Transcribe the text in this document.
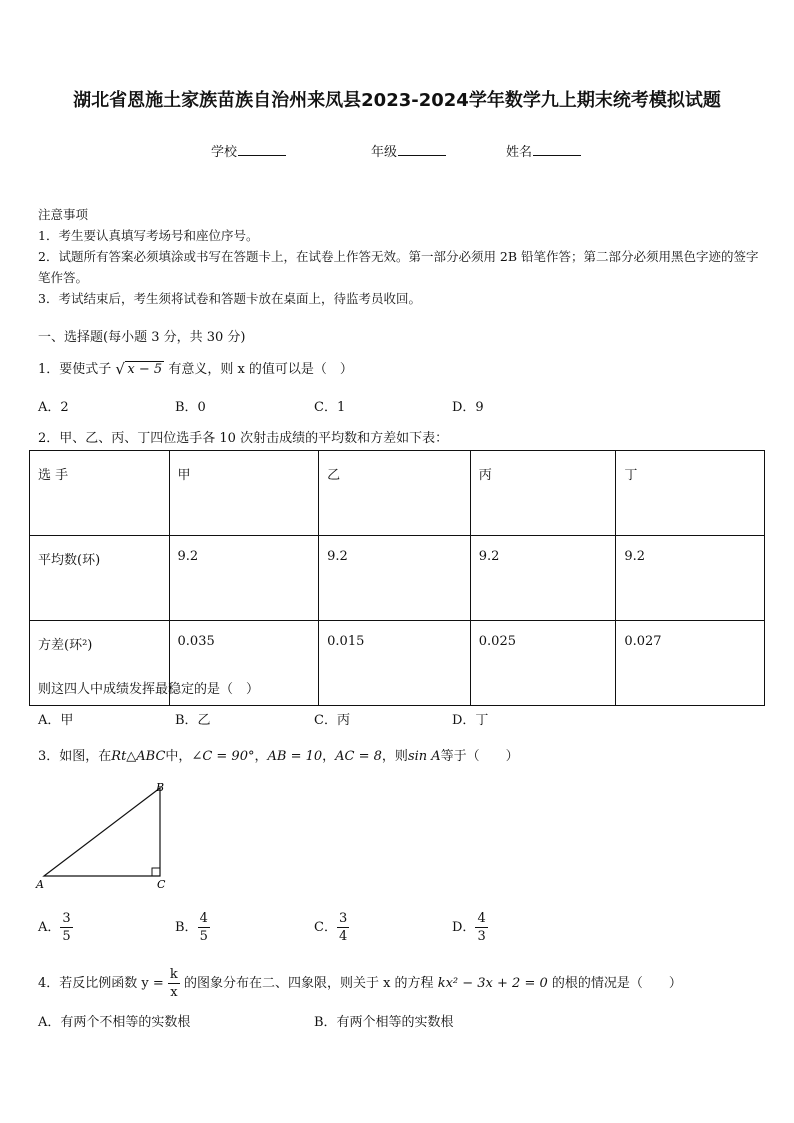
湖北省恩施土家族苗族自治州来凤县2023-2024学年数学九上期末统考模拟试题
学校	年级	姓名
注意事项
1．考生要认真填写考场号和座位序号。
2．试题所有答案必须填涂或书写在答题卡上，在试卷上作答无效。第一部分必须用 2B 铅笔作答；第二部分必须用黑色字迹的签字笔作答。
3．考试结束后，考生须将试卷和答题卡放在桌面上，待监考员收回。
一、选择题(每小题 3 分，共 30 分)
1．要使式子 √ x − 5 有意义，则 x 的值可以是（　）
A．2	B．0	C．1	D．9
2．甲、乙、丙、丁四位选手各 10 次射击成绩的平均数和方差如下表：
选 手	甲	乙	丙	丁
平均数(环)	9.2	9.2	9.2	9.2
方差(环²)	0.035	0.015	0.025	0.027
则这四人中成绩发挥最稳定的是（　）
A．甲	B．乙	C．丙	D．丁
3．如图，在Rt△ABC中，∠C = 90°，AB = 10，AC = 8，则sin A等于（　　）
A
B
C
A． $\frac{3}{5}$	B． $\frac{4}{5}$	C． $\frac{3}{4}$	D． $\frac{4}{3}$
4．若反比例函数 $y = \frac{k}{x}$ 的图象分布在二、四象限，则关于 x 的方程 kx² − 3x + 2 = 0 的根的情况是（　　）
A．有两个不相等的实数根	B．有两个相等的实数根
